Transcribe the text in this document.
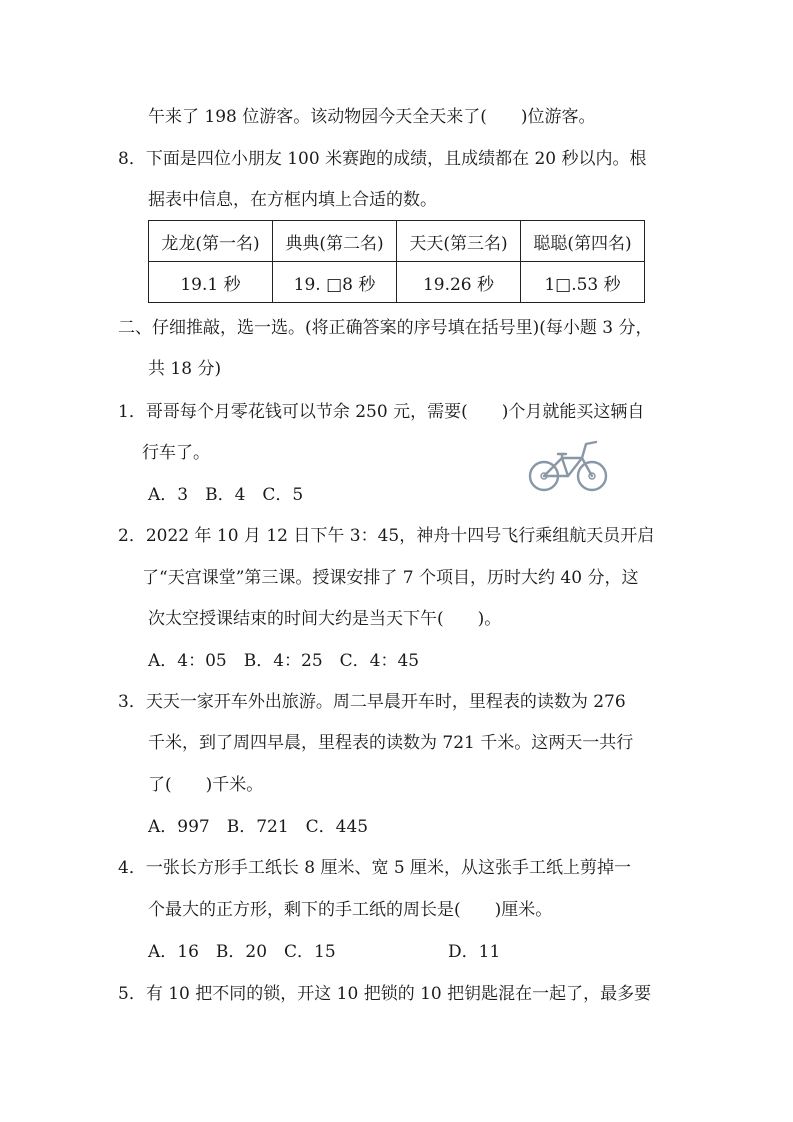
午来了 198 位游客。该动物园今天全天来了(　　)位游客。
8．下面是四位小朋友 100 米赛跑的成绩，且成绩都在 20 秒以内。根
据表中信息，在方框内填上合适的数。
龙龙(第一名)	典典(第二名)	天天(第三名)	聪聪(第四名)
19.1 秒	19. □8 秒	19.26 秒	1□.53 秒
二、仔细推敲，选一选。(将正确答案的序号填在括号里)(每小题 3 分，
共 18 分)
1．哥哥每个月零花钱可以节余 250 元，需要(　　)个月就能买这辆自
行车了。
A．3　B．4　C．5
2．2022 年 10 月 12 日下午 3：45，神舟十四号飞行乘组航天员开启
了“天宫课堂”第三课。授课安排了 7 个项目，历时大约 40 分，这
次太空授课结束的时间大约是当天下午(　　)。
A．4：05　B．4：25　C．4：45
3．天天一家开车外出旅游。周二早晨开车时，里程表的读数为 276
千米，到了周四早晨，里程表的读数为 721 千米。这两天一共行
了(　　)千米。
A．997　B．721　C．445
4．一张长方形手工纸长 8 厘米、宽 5 厘米，从这张手工纸上剪掉一
个最大的正方形，剩下的手工纸的周长是(　　)厘米。
A．16　B．20　C．15	D．11
5．有 10 把不同的锁，开这 10 把锁的 10 把钥匙混在一起了，最多要
